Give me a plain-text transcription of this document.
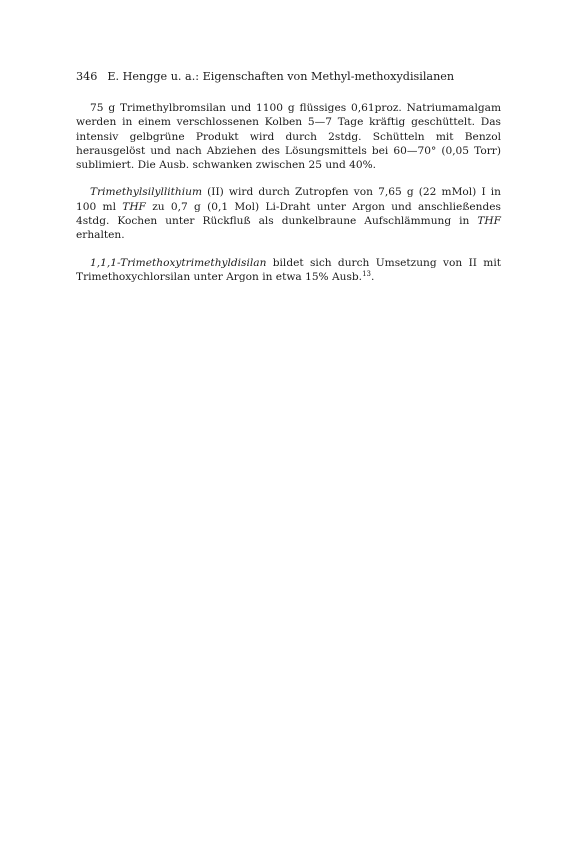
346 E. Hengge u. a.: Eigenschaften von Methyl-methoxydisilanen

75 g Trimethylbromsilan und 1100 g flüssiges 0,61proz. Natriumamalgam werden in einem verschlossenen Kolben 5—7 Tage kräftig geschüttelt. Das intensiv gelbgrüne Produkt wird durch 2stdg. Schütteln mit Benzol herausgelöst und nach Abziehen des Lösungsmittels bei 60—70° (0,05 Torr) sublimiert. Die Ausb. schwanken zwischen 25 und 40%.

Trimethylsilyllithium (II) wird durch Zutropfen von 7,65 g (22 mMol) I in 100 ml THF zu 0,7 g (0,1 Mol) Li-Draht unter Argon und anschließendes 4stdg. Kochen unter Rückfluß als dunkelbraune Aufschlämmung in THF erhalten.

1,1,1-Trimethoxytrimethyldisilan bildet sich durch Umsetzung von II mit Trimethoxychlorsilan unter Argon in etwa 15% Ausb.$^{13}$.
